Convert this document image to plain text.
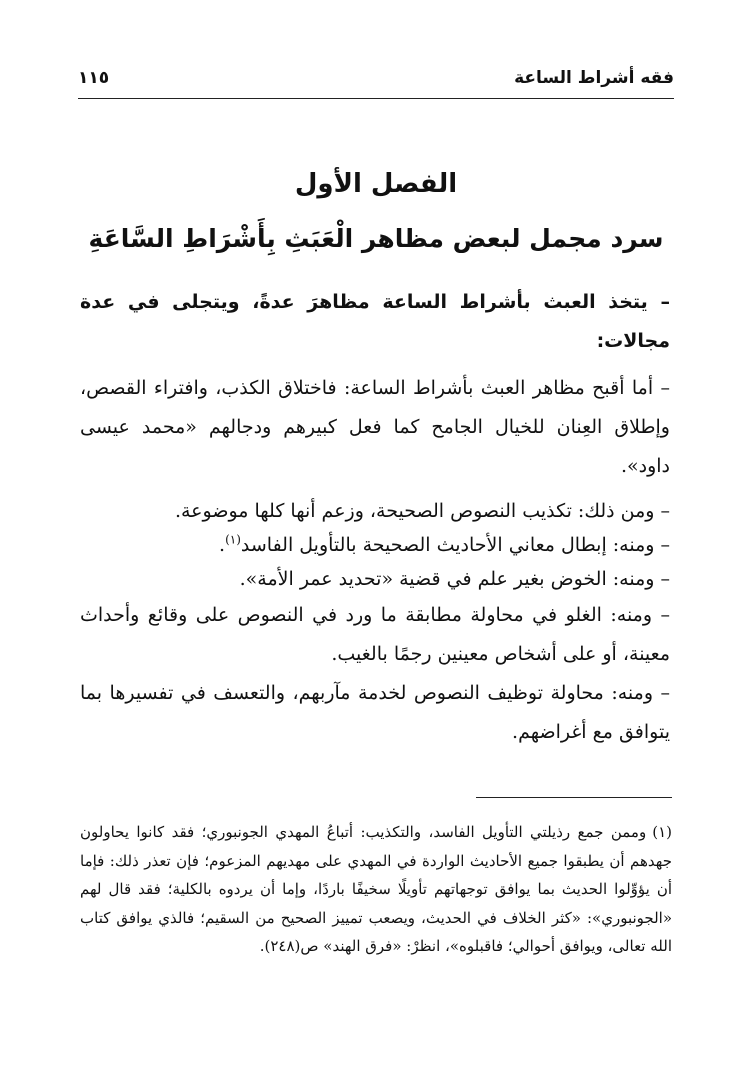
فقه أشراط الساعة
١١٥
الفصل الأول
سرد مجمل لبعض مظاهر الْعَبَثِ بِأَشْرَاطِ السَّاعَةِ

– يتخذ العبث بأشراط الساعة مظاهرَ عدةً، ويتجلى في عدة مجالات:

– أما أقبح مظاهر العبث بأشراط الساعة: فاختلاق الكذب، وافتراء القصص، وإطلاق العِنان للخيال الجامح كما فعل كبيرهم ودجالهم «محمد عيسى داود».

– ومن ذلك: تكذيب النصوص الصحيحة، وزعم أنها كلها موضوعة.

– ومنه: إبطال معاني الأحاديث الصحيحة بالتأويل الفاسد$^{(١)}$.

– ومنه: الخوض بغير علم في قضية «تحديد عمر الأمة».

– ومنه: الغلو في محاولة مطابقة ما ورد في النصوص على وقائع وأحداث معينة، أو على أشخاص معينين رجمًا بالغيب.

– ومنه: محاولة توظيف النصوص لخدمة مآربهم، والتعسف في تفسيرها بما يتوافق مع أغراضهم.

(١)وممن جمع رذيلتي التأويل الفاسد، والتكذيب: أتباعُ المهدي الجونبوري؛ فقد كانوا يحاولون جهدهم أن يطبقوا جميع الأحاديث الواردة في المهدي على مهديهم المزعوم؛ فإن تعذر ذلك: فإما أن يؤوِّلوا الحديث بما يوافق توجهاتهم تأويلًا سخيفًا باردًا، وإما أن يردوه بالكلية؛ فقد قال لهم «الجونبوري»: «كثر الخلاف في الحديث، ويصعب تمييز الصحيح من السقيم؛ فالذي يوافق كتاب الله تعالى، ويوافق أحوالي؛ فاقبلوه»، انظرْ: «فرق الهند» ص(٢٤٨).
